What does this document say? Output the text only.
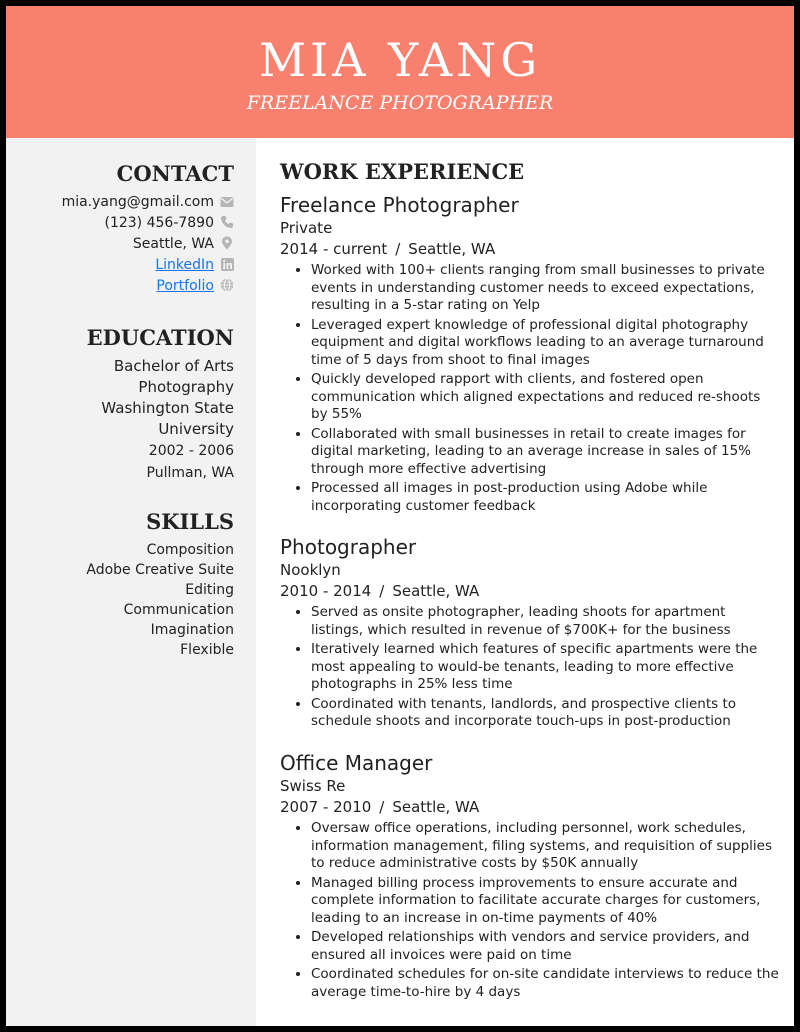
MIA YANG
FREELANCE PHOTOGRAPHER
CONTACT
mia.yang@gmail.com
(123) 456-7890
Seattle, WA
LinkedIn
Portfolio
EDUCATION
Bachelor of Arts
Photography
Washington State University
2002 - 2006
Pullman, WA
SKILLS
Composition
Adobe Creative Suite
Editing
Communication
Imagination
Flexible
WORK EXPERIENCE
Freelance Photographer
Private
2014 - current / Seattle, WA
• Worked with 100+ clients ranging from small businesses to private events in understanding customer needs to exceed expectations, resulting in a 5-star rating on Yelp
• Leveraged expert knowledge of professional digital photography equipment and digital workflows leading to an average turnaround time of 5 days from shoot to final images
• Quickly developed rapport with clients, and fostered open communication which aligned expectations and reduced re-shoots by 55%
• Collaborated with small businesses in retail to create images for digital marketing, leading to an average increase in sales of 15% through more effective advertising
• Processed all images in post-production using Adobe while incorporating customer feedback
Photographer
Nooklyn
2010 - 2014 / Seattle, WA
• Served as onsite photographer, leading shoots for apartment listings, which resulted in revenue of $700K+ for the business
• Iteratively learned which features of specific apartments were the most appealing to would-be tenants, leading to more effective photographs in 25% less time
• Coordinated with tenants, landlords, and prospective clients to schedule shoots and incorporate touch-ups in post-production
Office Manager
Swiss Re
2007 - 2010 / Seattle, WA
• Oversaw office operations, including personnel, work schedules, information management, filing systems, and requisition of supplies to reduce administrative costs by $50K annually
• Managed billing process improvements to ensure accurate and complete information to facilitate accurate charges for customers, leading to an increase in on-time payments of 40%
• Developed relationships with vendors and service providers, and ensured all invoices were paid on time
• Coordinated schedules for on-site candidate interviews to reduce the average time-to-hire by 4 days
